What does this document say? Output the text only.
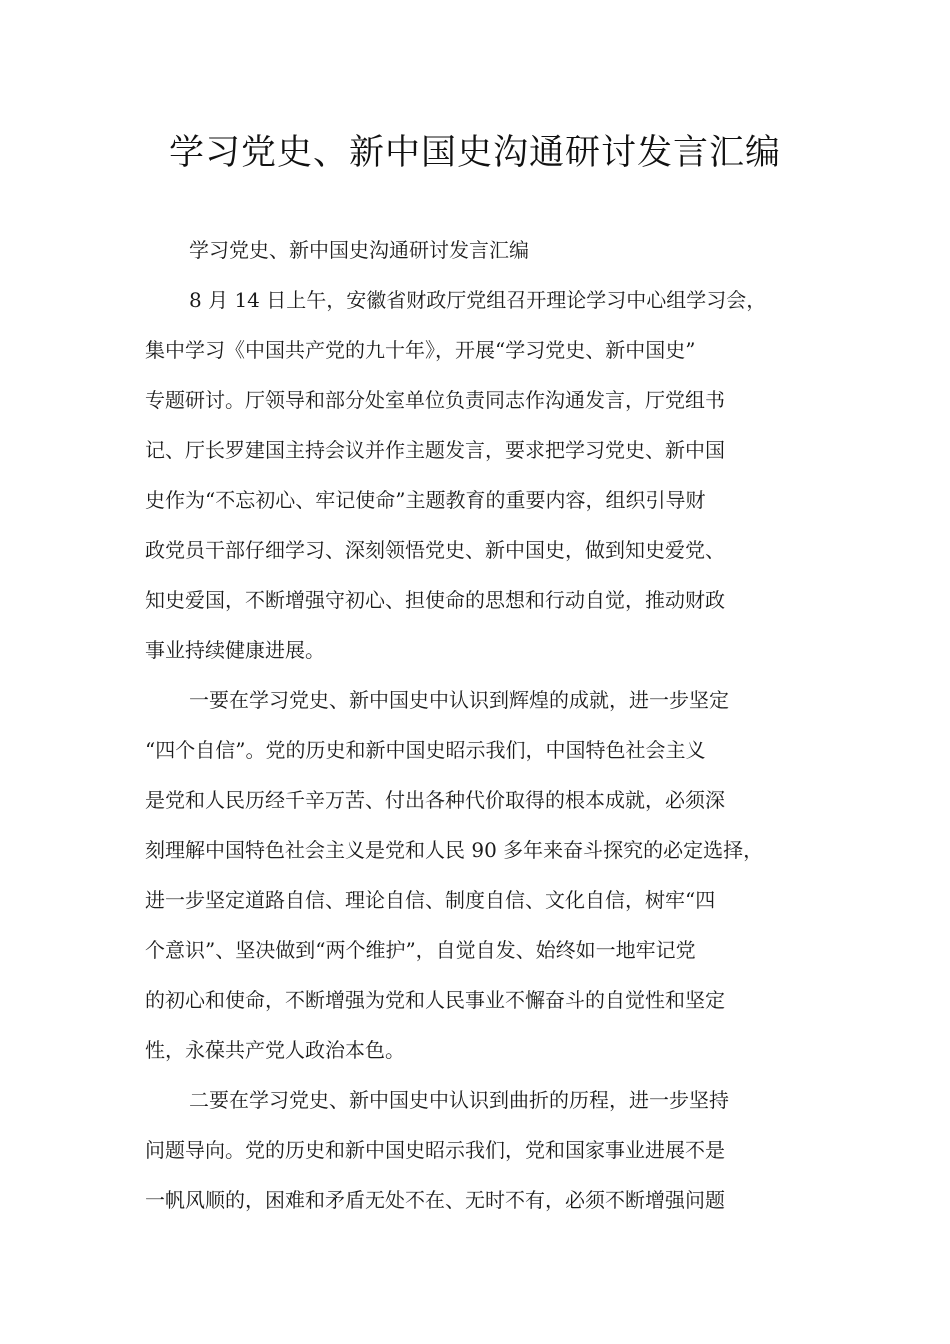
学习党史、新中国史沟通研讨发言汇编
学习党史、新中国史沟通研讨发言汇编
8 月 14 日上午，安徽省财政厅党组召开理论学习中心组学习会，
集中学习《中国共产党的九十年》，开展“学习党史、新中国史”
专题研讨。厅领导和部分处室单位负责同志作沟通发言，厅党组书
记、厅长罗建国主持会议并作主题发言，要求把学习党史、新中国
史作为“不忘初心、牢记使命”主题教育的重要内容，组织引导财
政党员干部仔细学习、深刻领悟党史、新中国史，做到知史爱党、
知史爱国，不断增强守初心、担使命的思想和行动自觉，推动财政
事业持续健康进展。
一要在学习党史、新中国史中认识到辉煌的成就，进一步坚定
“四个自信”。党的历史和新中国史昭示我们，中国特色社会主义
是党和人民历经千辛万苦、付出各种代价取得的根本成就，必须深
刻理解中国特色社会主义是党和人民 90 多年来奋斗探究的必定选择，
进一步坚定道路自信、理论自信、制度自信、文化自信，树牢“四
个意识”、坚决做到“两个维护”，自觉自发、始终如一地牢记党
的初心和使命，不断增强为党和人民事业不懈奋斗的自觉性和坚定
性，永葆共产党人政治本色。
二要在学习党史、新中国史中认识到曲折的历程，进一步坚持
问题导向。党的历史和新中国史昭示我们，党和国家事业进展不是
一帆风顺的，困难和矛盾无处不在、无时不有，必须不断增强问题
